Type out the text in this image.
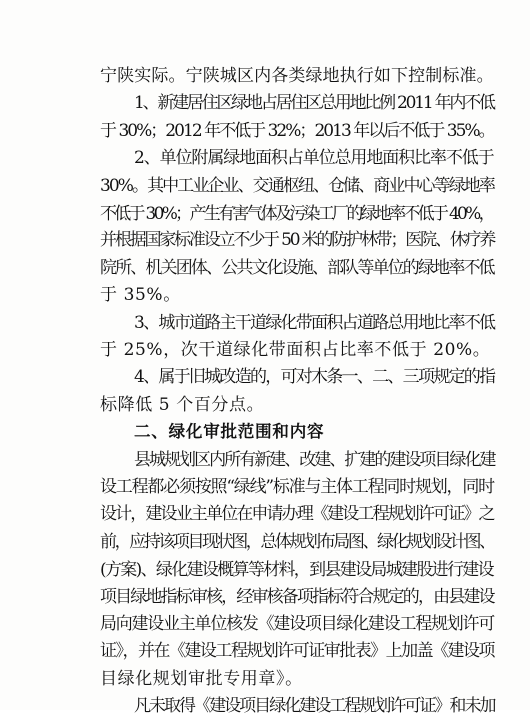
宁陕实际。宁陕城区内各类绿地执行如下控制标准。
1、新建居住区绿地占居住区总用地比例 2011 年内不低
于 30%；2012 年不低于 32%；2013 年以后不低于 35%。
2、单位附属绿地面积占单位总用地面积比率不低于
30%。其中工业企业、交通枢纽、仓储、商业中心等绿地率
不低于 30%；产生有害气体及污染工厂的绿地率不低于 40%，
并根据国家标准设立不少于 50 米的防护林带；医院、休疗养
院所、机关团体、公共文化设施、部队等单位的绿地率不低
于 35%。
3、城市道路主干道绿化带面积占道路总用地比率不低
于 25%，次干道绿化带面积占比率不低于 20%。
4、属于旧城改造的，可对木条一、二、三项规定的指
标降低 5 个百分点。
二、绿化审批范围和内容
县城规划区内所有新建、改建、扩建的建设项目绿化建
设工程都必须按照“绿线”标准与主体工程同时规划，同时
设计，建设业主单位在申请办理《建设工程规划许可证》之
前，应持该项目现状图，总体规划布局图、绿化规划设计图、
(方案)、绿化建设概算等材料，到县建设局城建股进行建设
项目绿地指标审核，经审核备项指标符合规定的，由县建设
局向建设业主单位核发《建设项目绿化建设工程规划许可
证》，并在《建设工程规划许可证审批表》上加盖《建设项
目绿化规划审批专用章》。
凡未取得《建设项目绿化建设工程规划许可证》和未加
